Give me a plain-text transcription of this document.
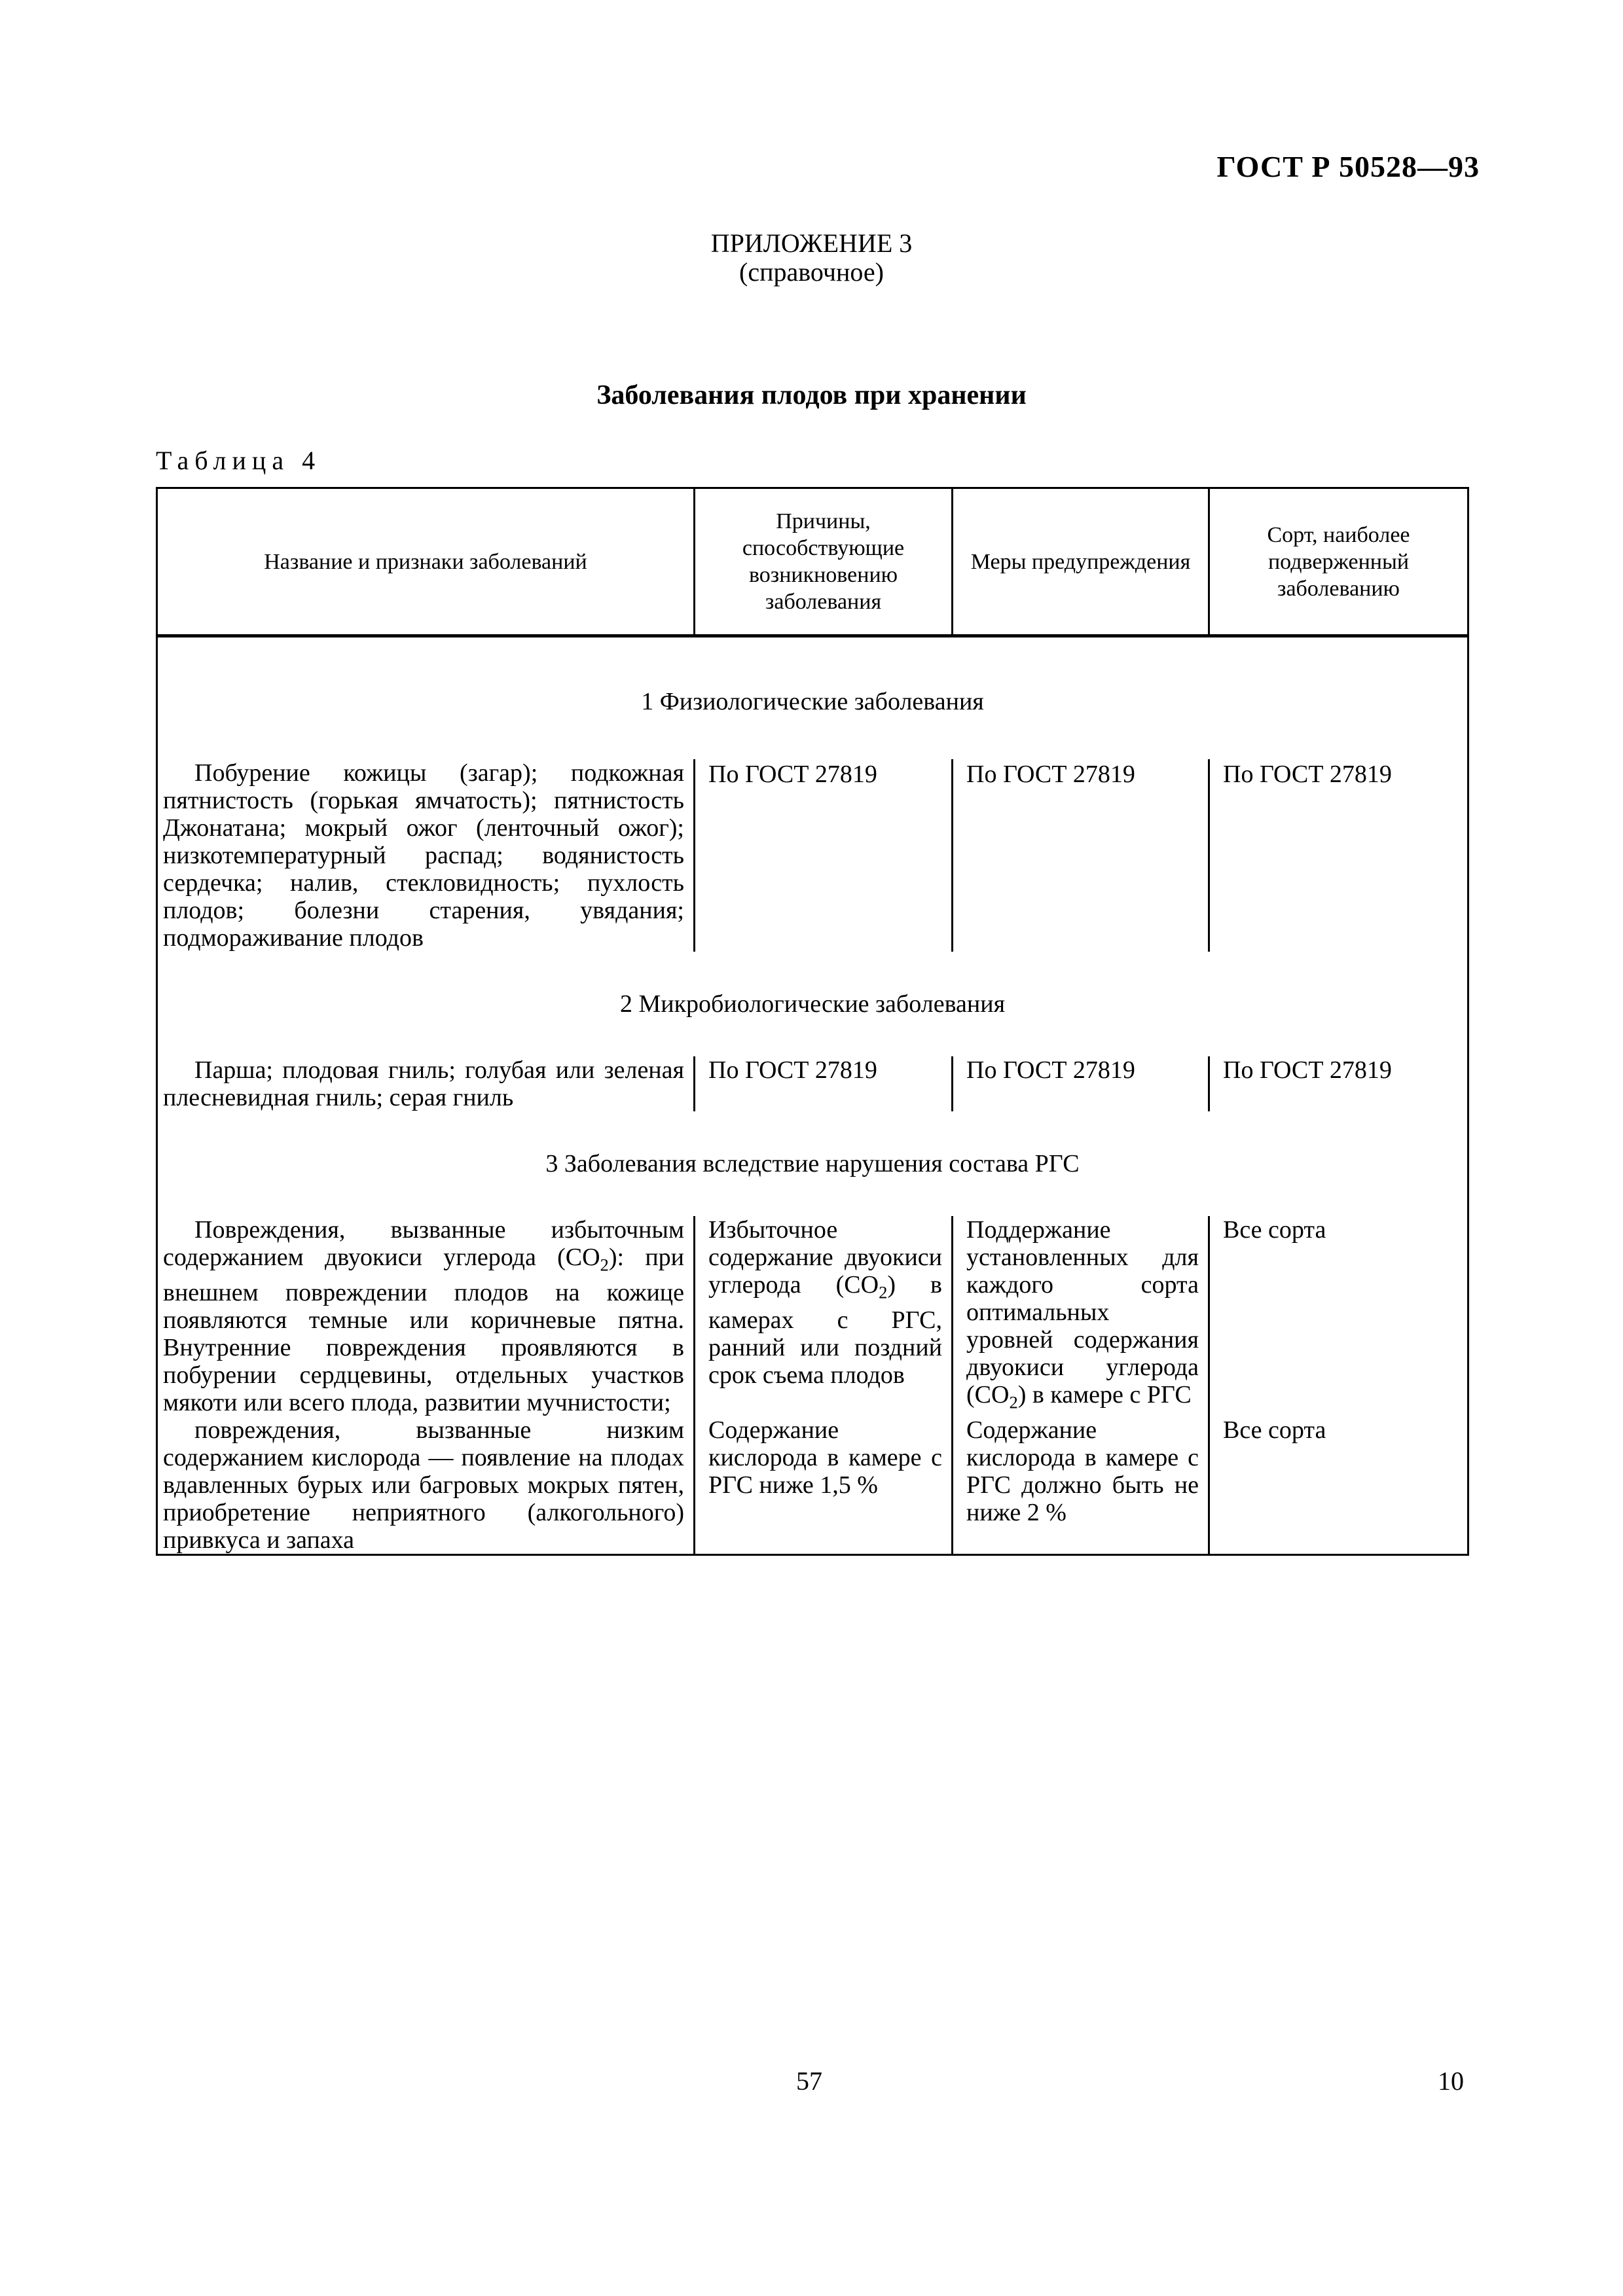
ГОСТ Р 50528—93
ПРИЛОЖЕНИЕ 3
(справочное)
Заболевания плодов при хранении
Таблица 4
Название и признаки заболеваний	Причины, способствующие возникновению заболевания	Меры предупреждения	Сорт, наиболее подверженный заболеванию
1 Физиологические заболевания			

Побурение кожицы (загар); подкожная пятнистость (горькая ямчатость); пятнистость Джонатана; мокрый ожог (ленточный ожог); низкотемпературный распад; водянистость сердечка; налив, стекловидность; пухлость плодов; болезни старения, увядания; подмораживание плодов	По ГОСТ 27819	По ГОСТ 27819	По ГОСТ 27819
2 Микробиологические заболевания			

Парша; плодовая гниль; голубая или зеленая плесневидная гниль; серая гниль	По ГОСТ 27819	По ГОСТ 27819	По ГОСТ 27819
3 Заболевания вследствие нарушения состава РГС			

Повреждения, вызванные избыточным содержанием двуокиси углерода $(CO_2)$: при внешнем повреждении плодов на кожице появляются темные или коричневые пятна. Внутренние повреждения проявляются в побурении сердцевины, отдельных участков мякоти или всего плода, развитии мучнистости;	Избыточное содержание двуокиси углерода $(CO_2)$ в камерах с РГС, ранний или поздний срок съема плодов	Поддержание установленных для каждого сорта оптимальных уровней содержания двуокиси углерода $(CO_2)$ в камере с РГС	Все сорта

повреждения, вызванные низким содержанием кислорода — появление на плодах вдавленных бурых или багровых мокрых пятен, приобретение неприятного (алкогольного) привкуса и запаха	Содержание кислорода в камере с РГС ниже 1,5 %	Содержание кислорода в камере с РГС должно быть не ниже 2 %	Все сорта
57	10
